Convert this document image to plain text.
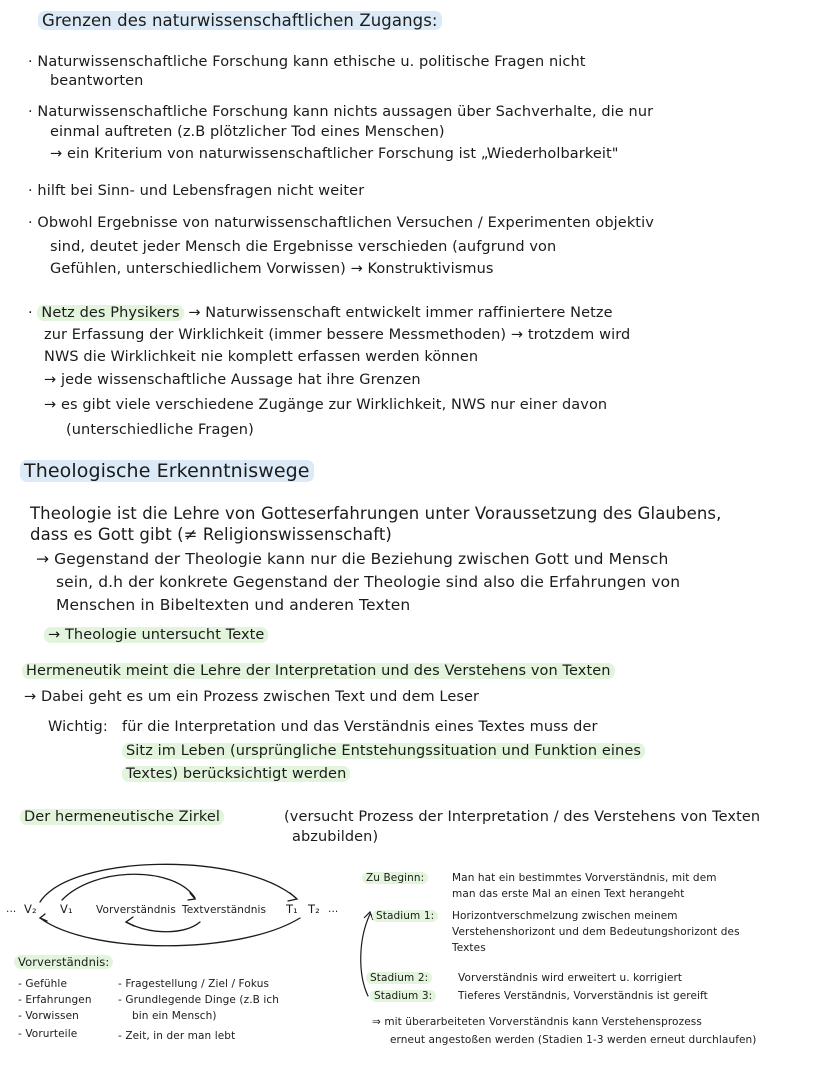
Grenzen des naturwissenschaftlichen Zugangs:
· Naturwissenschaftliche Forschung kann ethische u. politische Fragen nicht
beantworten
· Naturwissenschaftliche Forschung kann nichts aussagen über Sachverhalte, die nur
einmal auftreten (z.B plötzlicher Tod eines Menschen)
→ ein Kriterium von naturwissenschaftlicher Forschung ist „Wiederholbarkeit"
· hilft bei Sinn- und Lebensfragen nicht weiter
· Obwohl Ergebnisse von naturwissenschaftlichen Versuchen / Experimenten objektiv
sind, deutet jeder Mensch die Ergebnisse verschieden (aufgrund von
Gefühlen, unterschiedlichem Vorwissen) → Konstruktivismus
· Netz des Physikers → Naturwissenschaft entwickelt immer raffiniertere Netze
zur Erfassung der Wirklichkeit (immer bessere Messmethoden) → trotzdem wird
NWS die Wirklichkeit nie komplett erfassen werden können
→ jede wissenschaftliche Aussage hat ihre Grenzen
→ es gibt viele verschiedene Zugänge zur Wirklichkeit, NWS nur einer davon
(unterschiedliche Fragen)
Theologische Erkenntniswege
Theologie ist die Lehre von Gotteserfahrungen unter Voraussetzung des Glaubens,
dass es Gott gibt (≠ Religionswissenschaft)
→ Gegenstand der Theologie kann nur die Beziehung zwischen Gott und Mensch
sein, d.h der konkrete Gegenstand der Theologie sind also die Erfahrungen von
Menschen in Bibeltexten und anderen Texten
→ Theologie untersucht Texte
Hermeneutik meint die Lehre der Interpretation und des Verstehens von Texten
→ Dabei geht es um ein Prozess zwischen Text und dem Leser
Wichtig: für die Interpretation und das Verständnis eines Textes muss der
Sitz im Leben (ursprüngliche Entstehungssituation und Funktion eines
Textes) berücksichtigt werden
Der hermeneutische Zirkel	(versucht Prozess der Interpretation / des Verstehens von Texten
abzubilden)
... V₂ V₁ Vorverständnis Textverständnis T₁ T₂ ...
Vorverständnis:
- Gefühle
- Erfahrungen
- Vorwissen
- Vorurteile
- Fragestellung / Ziel / Fokus
- Grundlegende Dinge (z.B ich
bin ein Mensch)
- Zeit, in der man lebt
Zu Beginn:	Man hat ein bestimmtes Vorverständnis, mit dem
man das erste Mal an einen Text herangeht
Stadium 1:	Horizontverschmelzung zwischen meinem
Verstehenshorizont und dem Bedeutungshorizont des
Textes
Stadium 2:	Vorverständnis wird erweitert u. korrigiert
Stadium 3:	Tieferes Verständnis, Vorverständnis ist gereift
⇒ mit überarbeiteten Vorverständnis kann Verstehensprozess
erneut angestoßen werden (Stadien 1-3 werden erneut durchlaufen)
